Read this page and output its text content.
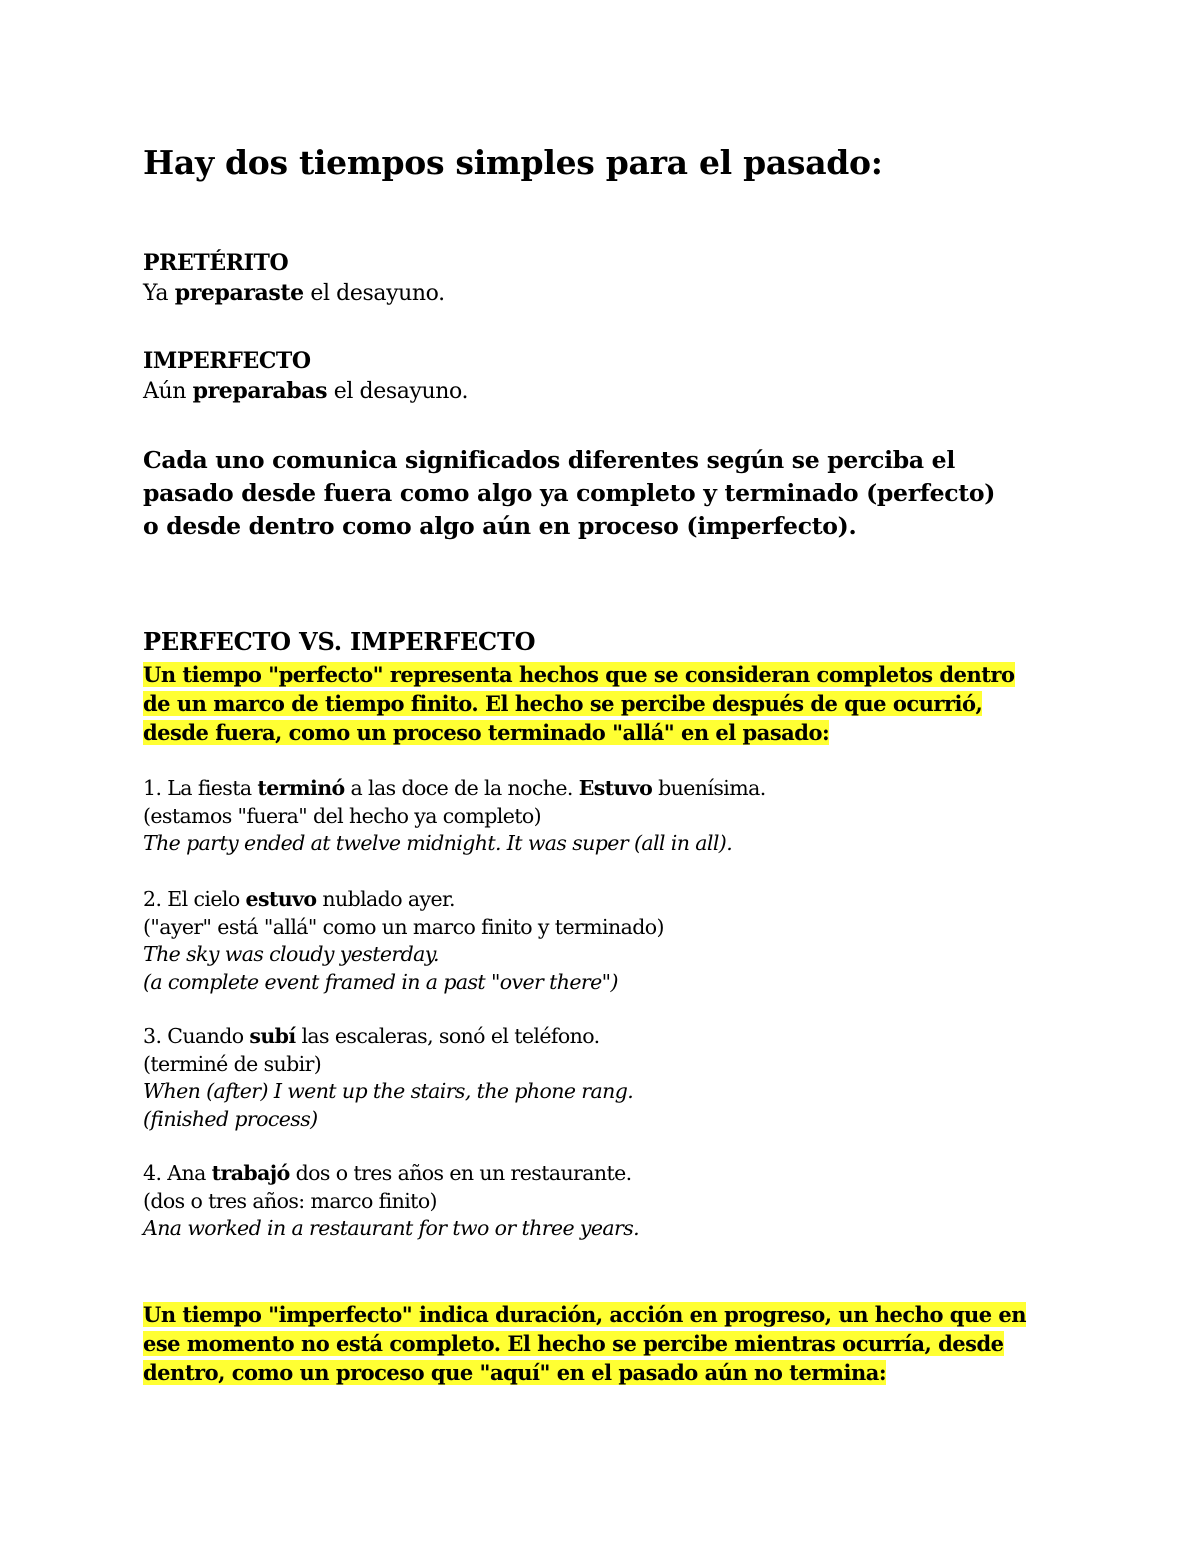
Hay dos tiempos simples para el pasado:
PRETÉRITO
Ya preparaste el desayuno.
IMPERFECTO
Aún preparabas el desayuno.
Cada uno comunica significados diferentes según se perciba el
pasado desde fuera como algo ya completo y terminado (perfecto)
o desde dentro como algo aún en proceso (imperfecto).
PERFECTO VS. IMPERFECTO
Un tiempo "perfecto" representa hechos que se consideran completos dentro
de un marco de tiempo finito. El hecho se percibe después de que ocurrió,
desde fuera, como un proceso terminado "allá" en el pasado:
1. La fiesta terminó a las doce de la noche. Estuvo buenísima.
(estamos "fuera" del hecho ya completo)
The party ended at twelve midnight. It was super (all in all).
2. El cielo estuvo nublado ayer.
("ayer" está "allá" como un marco finito y terminado)
The sky was cloudy yesterday.
(a complete event framed in a past "over there")
3. Cuando subí las escaleras, sonó el teléfono.
(terminé de subir)
When (after) I went up the stairs, the phone rang.
(finished process)
4. Ana trabajó dos o tres años en un restaurante.
(dos o tres años: marco finito)
Ana worked in a restaurant for two or three years.
Un tiempo "imperfecto" indica duración, acción en progreso, un hecho que en
ese momento no está completo. El hecho se percibe mientras ocurría, desde
dentro, como un proceso que "aquí" en el pasado aún no termina:
